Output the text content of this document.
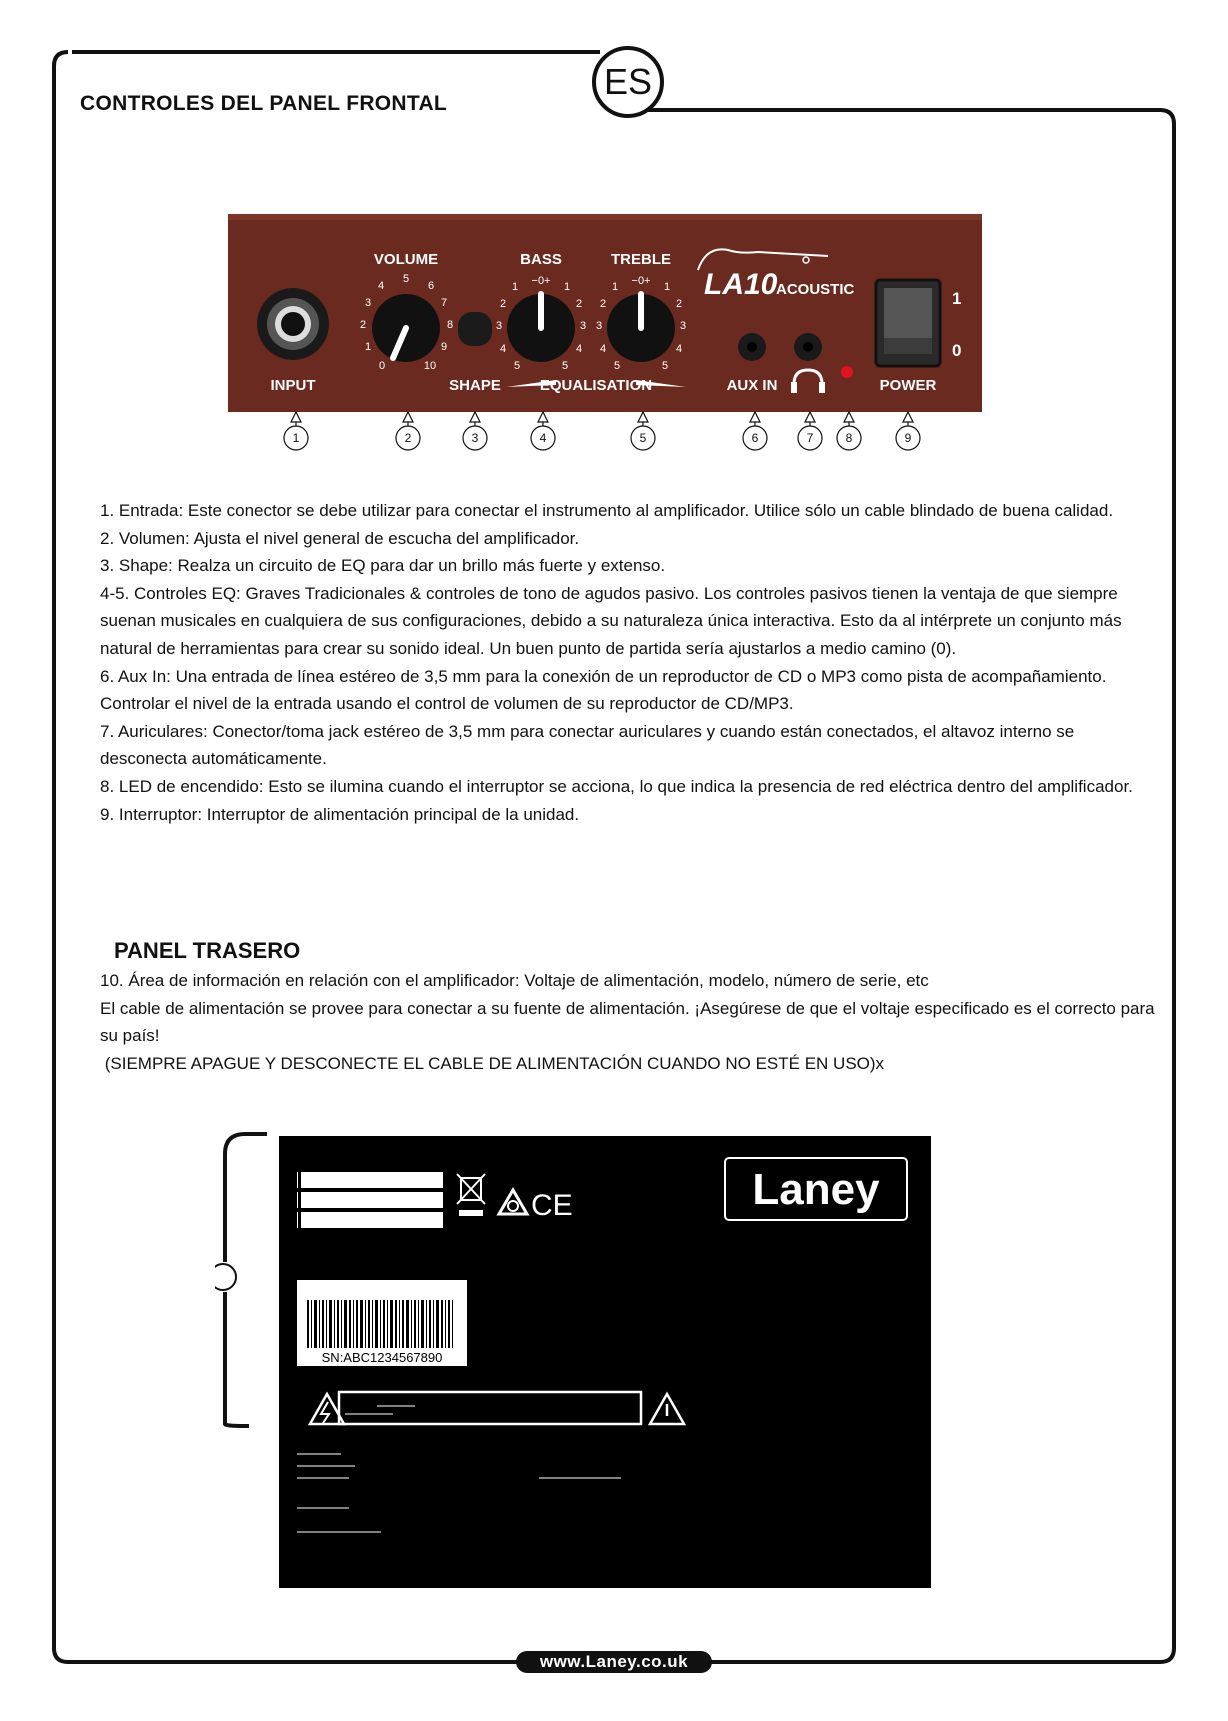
CONTROLES DEL PANEL FRONTAL
ES
INPUT
VOLUME
0
1
2
3
4
5
6
7
8
9
10
SHAPE
BASS
−0+
1
2
3
4
5
1
2
3
4
5
TREBLE
−0+
1
2
3
4
5
1
2
3
4
5
EQUALISATION
LA10
ACOUSTIC
AUX IN
1
0
POWER
1	2	3	4	5	6	7	8	9

1. Entrada: Este conector se debe utilizar para conectar el instrumento al amplificador. Utilice sólo un cable blindado de buena calidad.

2. Volumen: Ajusta el nivel general de escucha del amplificador.

3. Shape: Realza un circuito de EQ para dar un brillo más fuerte y extenso.

4-5. Controles EQ: Graves Tradicionales & controles de tono de agudos pasivo. Los controles pasivos tienen la ventaja de que siempre suenan musicales en cualquiera de sus configuraciones, debido a su naturaleza única interactiva. Esto da al intérprete un conjunto más natural de herramientas para crear su sonido ideal. Un buen punto de partida sería ajustarlos a medio camino (0).

6. Aux In: Una entrada de línea estéreo de 3,5 mm para la conexión de un reproductor de CD o MP3 como pista de acompañamiento. Controlar el nivel de la entrada usando el control de volumen de su reproductor de CD/MP3.

7. Auriculares: Conector/toma jack estéreo de 3,5 mm para conectar auriculares y cuando están conectados, el altavoz interno se desconecta automáticamente.

8. LED de encendido: Esto se ilumina cuando el interruptor se acciona, lo que indica la presencia de red eléctrica dentro del amplificador.

9. Interruptor: Interruptor de alimentación principal de la unidad.

PANEL TRASERO

10. Área de información en relación con el amplificador: Voltaje de alimentación, modelo, número de serie, etc

El cable de alimentación se provee para conectar a su fuente de alimentación. ¡Asegúrese de que el voltaje especificado es el correcto para su país!

(SIEMPRE APAGUE Y DESCONECTE EL CABLE DE ALIMENTACIÓN CUANDO NO ESTÉ EN USO)x

CE	Laney
SN:ABC1234567890
www.Laney.co.uk
